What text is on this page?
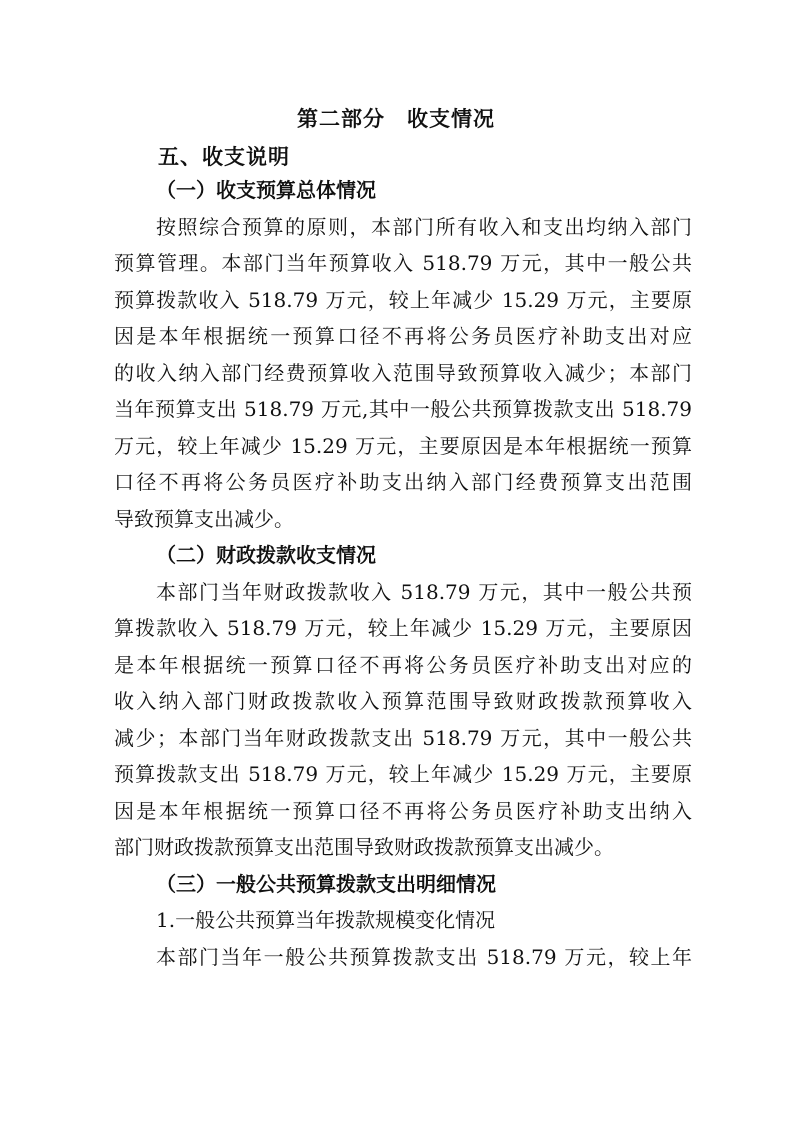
第二部分　收支情况
五、收支说明
（一）收支预算总体情况
按照综合预算的原则，本部门所有收入和支出均纳入部门
预算管理。本部门当年预算收入 518.79 万元，其中一般公共
预算拨款收入 518.79 万元，较上年减少 15.29 万元，主要原
因是本年根据统一预算口径不再将公务员医疗补助支出对应
的收入纳入部门经费预算收入范围导致预算收入减少；本部门
当年预算支出 518.79 万元,其中一般公共预算拨款支出 518.79
万元，较上年减少 15.29 万元，主要原因是本年根据统一预算
口径不再将公务员医疗补助支出纳入部门经费预算支出范围
导致预算支出减少。
（二）财政拨款收支情况
本部门当年财政拨款收入 518.79 万元，其中一般公共预
算拨款收入 518.79 万元，较上年减少 15.29 万元，主要原因
是本年根据统一预算口径不再将公务员医疗补助支出对应的
收入纳入部门财政拨款收入预算范围导致财政拨款预算收入
减少；本部门当年财政拨款支出 518.79 万元，其中一般公共
预算拨款支出 518.79 万元，较上年减少 15.29 万元，主要原
因是本年根据统一预算口径不再将公务员医疗补助支出纳入
部门财政拨款预算支出范围导致财政拨款预算支出减少。
（三）一般公共预算拨款支出明细情况
1.一般公共预算当年拨款规模变化情况
本部门当年一般公共预算拨款支出 518.79 万元，较上年
